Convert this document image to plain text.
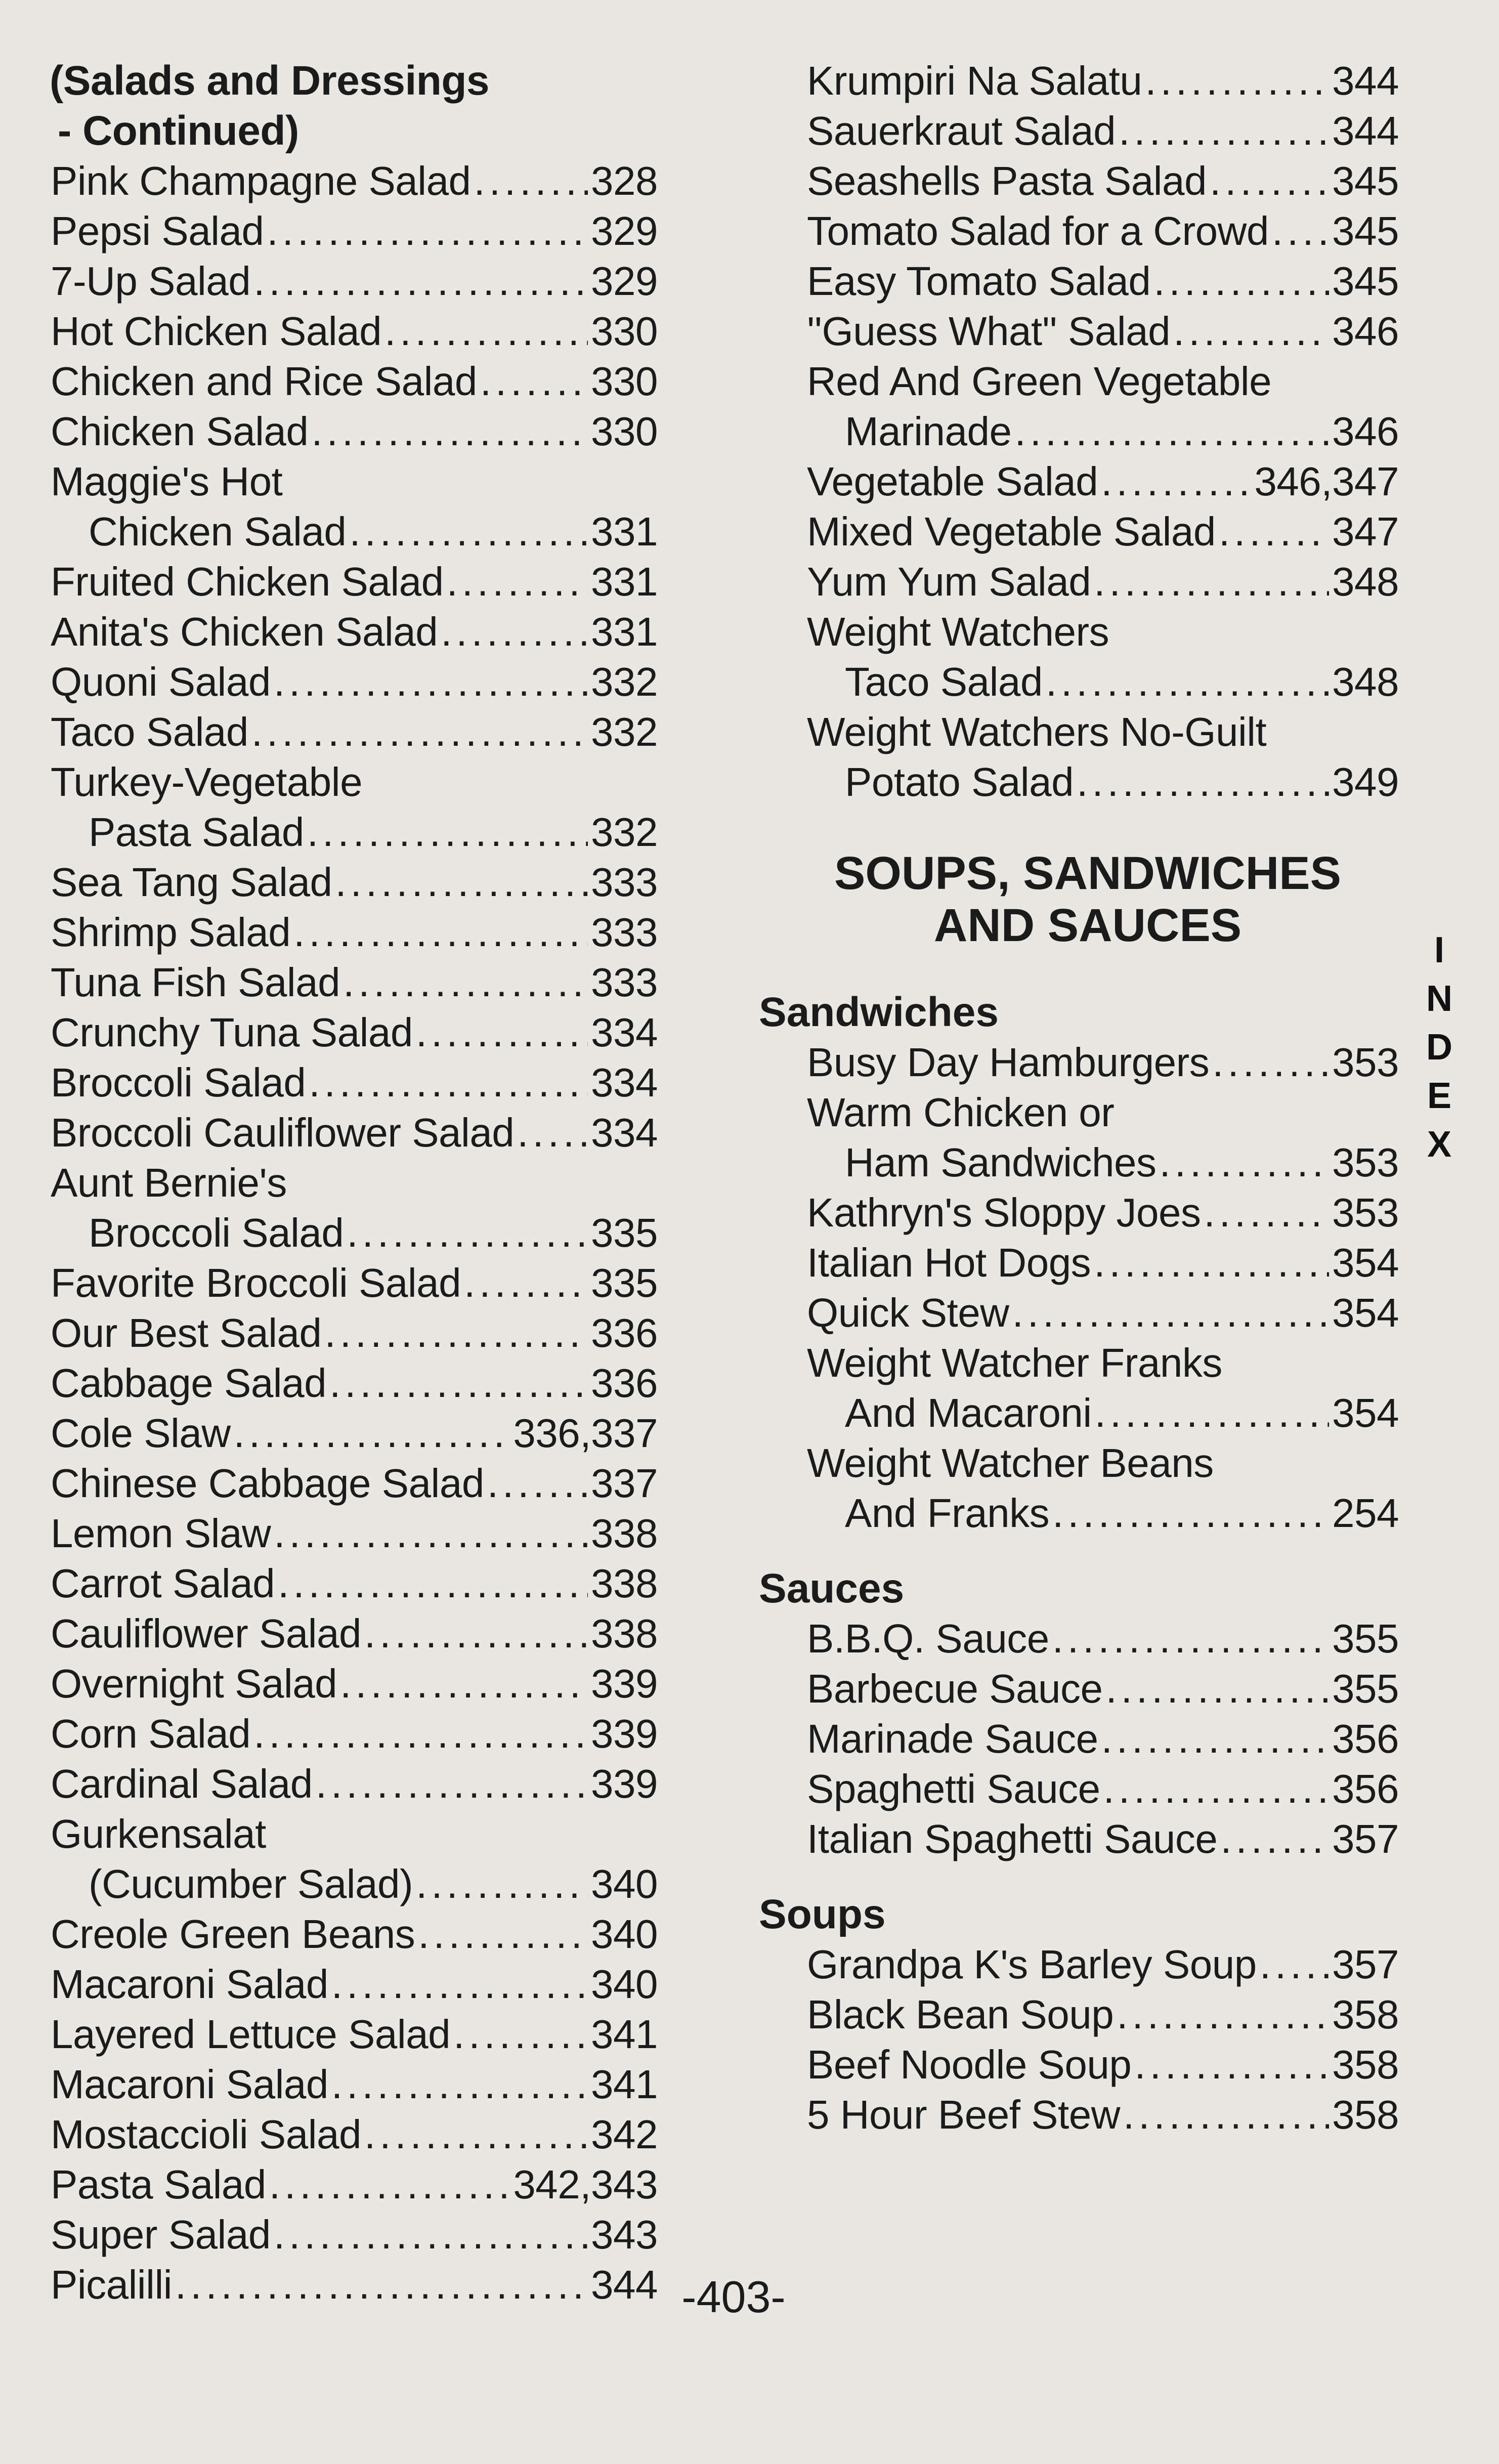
(Salads and Dressings
- Continued)
Pink Champagne Salad .....	328
Pepsi Salad .....	329
7-Up Salad .....	329
Hot Chicken Salad .....	330
Chicken and Rice Salad .....	330
Chicken Salad .....	330
Maggie's Hot
Chicken Salad .....	331
Fruited Chicken Salad .....	331
Anita's Chicken Salad .....	331
Quoni Salad .....	332
Taco Salad .....	332
Turkey-Vegetable
Pasta Salad .....	332
Sea Tang Salad .....	333
Shrimp Salad .....	333
Tuna Fish Salad .....	333
Crunchy Tuna Salad .....	334
Broccoli Salad .....	334
Broccoli Cauliflower Salad ..... 334
Aunt Bernie's
Broccoli Salad .....	335
Favorite Broccoli Salad .....	335
Our Best Salad .....	336
Cabbage Salad .....	336
Cole Slaw .....	336,337
Chinese Cabbage Salad .....	337
Lemon Slaw .....	338
Carrot Salad .....	338
Cauliflower Salad .....	338
Overnight Salad .....	339
Corn Salad .....	339
Cardinal Salad .....	339
Gurkensalat
(Cucumber Salad) .....	340
Creole Green Beans .....	340
Macaroni Salad .....	340
Layered Lettuce Salad .....	341
Macaroni Salad .....	341
Mostaccioli Salad .....	342
Pasta Salad .....	342,343
Super Salad .....	343
Picalilli .....	344
Krumpiri Na Salatu .....	344
Sauerkraut Salad .....	344
Seashells Pasta Salad .....	345
Tomato Salad for a Crowd ..... 345
Easy Tomato Salad .....	345
''Guess What'' Salad .....	346
Red And Green Vegetable
Marinade .....	346
Vegetable Salad .....	346,347
Mixed Vegetable Salad .....	347
Yum Yum Salad .....	348
Weight Watchers
Taco Salad .....	348
Weight Watchers No-Guilt
Potato Salad .....	349
SOUPS, SANDWICHES
AND SAUCES
Sandwiches
Busy Day Hamburgers .....	353
Warm Chicken or
Ham Sandwiches .....	353
Kathryn's Sloppy Joes .....	353
Italian Hot Dogs .....	354
Quick Stew .....	354
Weight Watcher Franks
And Macaroni .....	354
Weight Watcher Beans
And Franks .....	254
Sauces
B.B.Q. Sauce .....	355
Barbecue Sauce .....	355
Marinade Sauce .....	356
Spaghetti Sauce .....	356
Italian Spaghetti Sauce .....	357
Soups
Grandpa K's Barley Soup ..... 357
Black Bean Soup .....	358
Beef Noodle Soup .....	358
5 Hour Beef Stew .....	358
I
N
D
E
X
-403-
